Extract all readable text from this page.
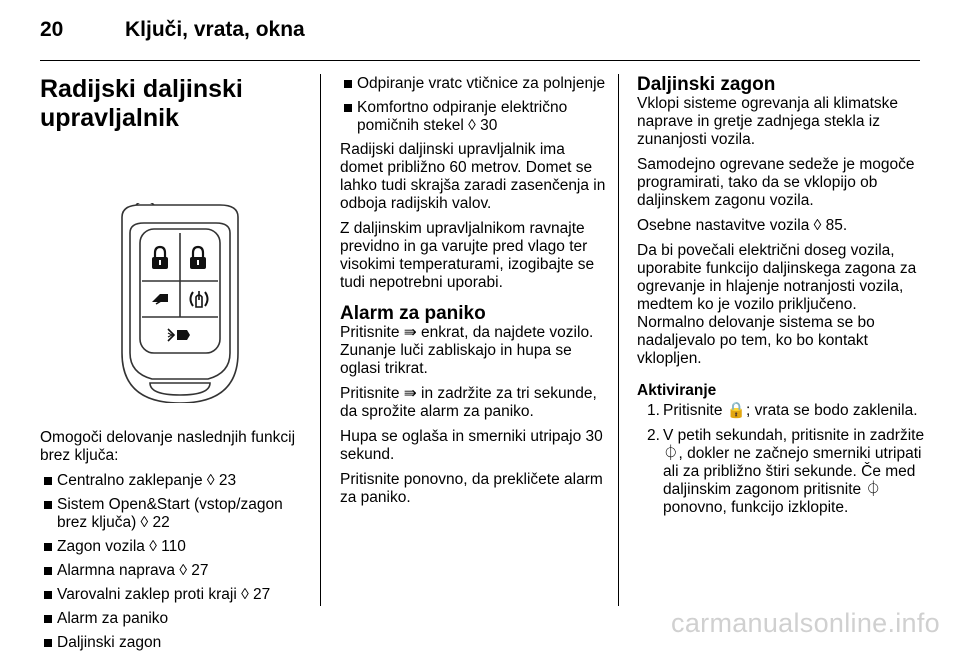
20	Ključi, vrata, okna
Radijski daljinski
upravljalnik

Omogoči delovanje naslednjih funkcij brez ključa:

Centralno zaklepanje ◊ 23
Sistem Open&Start (vstop/zagon brez ključa) ◊ 22
Zagon vozila ◊ 110
Alarmna naprava ◊ 27
Varovalni zaklep proti kraji ◊ 27
Alarm za paniko
Daljinski zagon
Odpiranje vratc vtičnice za polnjenje
Komfortno odpiranje električno pomičnih stekel ◊ 30

Radijski daljinski upravljalnik ima domet približno 60 metrov. Domet se lahko tudi skrajša zaradi zasenčenja in odboja radijskih valov.

Z daljinskim upravljalnikom ravnajte previdno in ga varujte pred vlago ter visokimi temperaturami, izogibajte se tudi nepotrebni uporabi.

Alarm za paniko

Pritisnite ⇛ enkrat, da najdete vozilo. Zunanje luči zabliskajo in hupa se oglasi trikrat.

Pritisnite ⇛ in zadržite za tri sekunde, da sprožite alarm za paniko.

Hupa se oglaša in smerniki utripajo 30 sekund.

Pritisnite ponovno, da prekličete alarm za paniko.

Daljinski zagon

Vklopi sisteme ogrevanja ali klimatske naprave in gretje zadnjega stekla iz zunanjosti vozila.

Samodejno ogrevane sedeže je mogoče programirati, tako da se vklopijo ob daljinskem zagonu vozila.

Osebne nastavitve vozila ◊ 85.

Da bi povečali električni doseg vozila, uporabite funkcijo daljinskega zagona za ogrevanje in hlajenje notranjosti vozila, medtem ko je vozilo priključeno. Normalno delovanje sistema se bo nadaljevalo po tem, ko bo kontakt vklopljen.

Aktiviranje
1. Pritisnite 🔒; vrata se bodo zaklenila.
2. V petih sekundah, pritisnite in zadržite ⏀, dokler ne začnejo smerniki utripati ali za približno štiri sekunde. Če med daljinskim zagonom pritisnite ⏀ ponovno, funkcijo izklopite.
carmanualsonline.info
